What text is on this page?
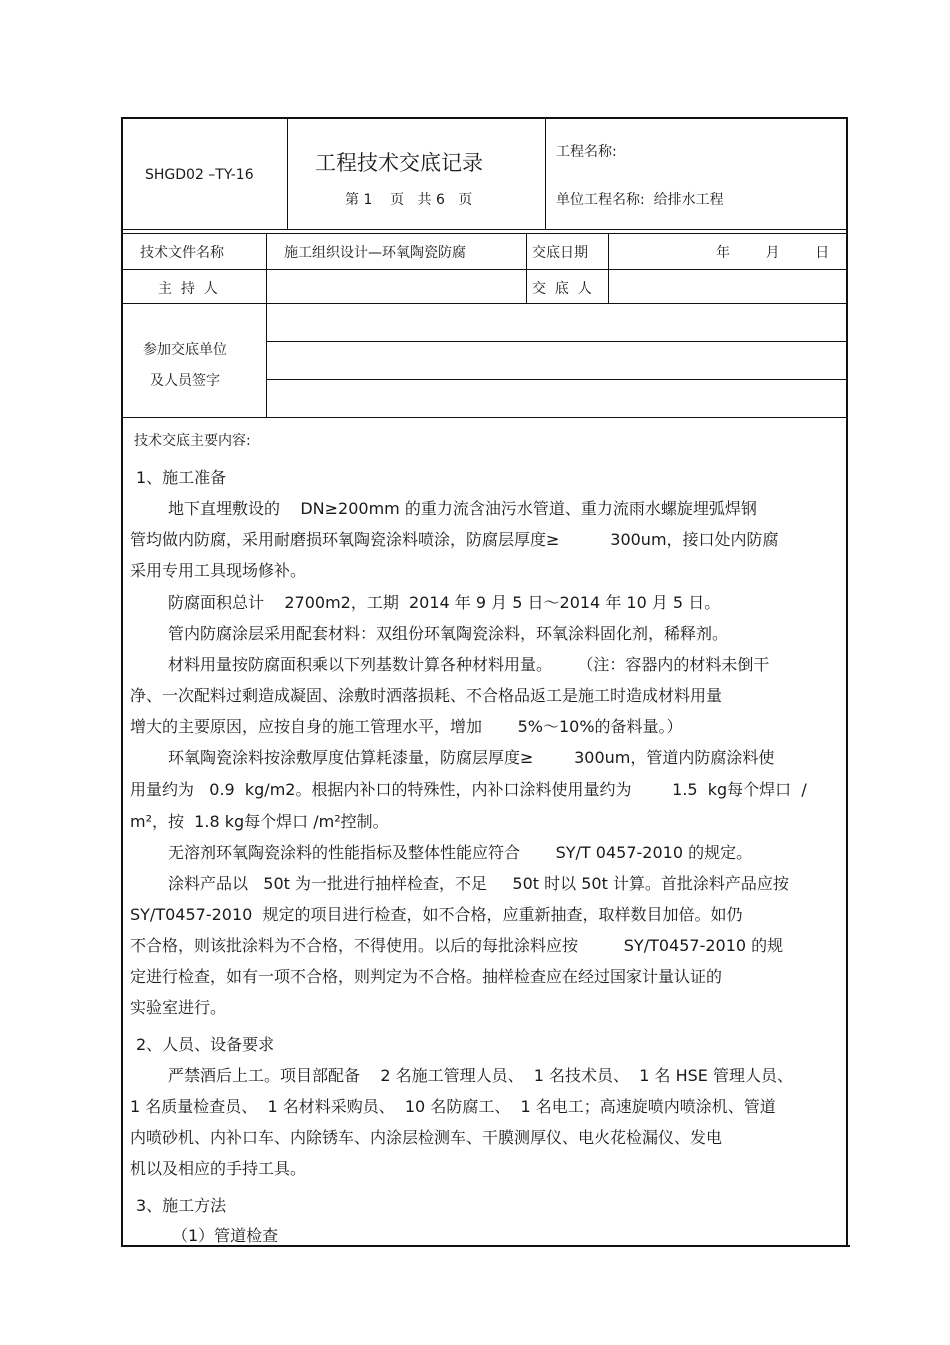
SHGD02 –TY-16	工程技术交底记录
第 1    页   共 6   页
工程名称:
单位工程名称:  给排水工程
技术文件名称	施工组织设计—环氧陶瓷防腐	交底日期	年        月        日
主  持  人	交  底  人
参加交底单位
及人员签字
技术交底主要内容:
1、施工准备
地下直埋敷设的    DN≥200mm 的重力流含油污水管道、重力流雨水螺旋埋弧焊钢
管均做内防腐，采用耐磨损环氧陶瓷涂料喷涂，防腐层厚度≥          300um，接口处内防腐
采用专用工具现场修补。
防腐面积总计    2700m2，工期  2014 年 9 月 5 日～2014 年 10 月 5 日。
管内防腐涂层采用配套材料：双组份环氧陶瓷涂料，环氧涂料固化剂，稀释剂。
材料用量按防腐面积乘以下列基数计算各种材料用量。     （注：容器内的材料未倒干
净、一次配料过剩造成凝固、涂敷时洒落损耗、不合格品返工是施工时造成材料用量
增大的主要原因，应按自身的施工管理水平，增加       5%～10%的备料量。）
环氧陶瓷涂料按涂敷厚度估算耗漆量，防腐层厚度≥        300um，管道内防腐涂料使
用量约为   0.9  kg/m2。根据内补口的特殊性，内补口涂料使用量约为        1.5  kg每个焊口  /
m²，按  1.8 kg每个焊口 /m²控制。
无溶剂环氧陶瓷涂料的性能指标及整体性能应符合       SY/T 0457-2010 的规定。
涂料产品以   50t 为一批进行抽样检查，不足     50t 时以 50t 计算。首批涂料产品应按
SY/T0457-2010  规定的项目进行检查，如不合格，应重新抽查，取样数目加倍。如仍
不合格，则该批涂料为不合格，不得使用。以后的每批涂料应按         SY/T0457-2010 的规
定进行检查，如有一项不合格，则判定为不合格。抽样检查应在经过国家计量认证的
实验室进行。
2、人员、设备要求
严禁酒后上工。项目部配备    2 名施工管理人员、  1 名技术员、  1 名 HSE 管理人员、
1 名质量检查员、  1 名材料采购员、  10 名防腐工、  1 名电工；高速旋喷内喷涂机、管道
内喷砂机、内补口车、内除锈车、内涂层检测车、干膜测厚仪、电火花检漏仪、发电
机以及相应的手持工具。
3、施工方法
（1）管道检查
